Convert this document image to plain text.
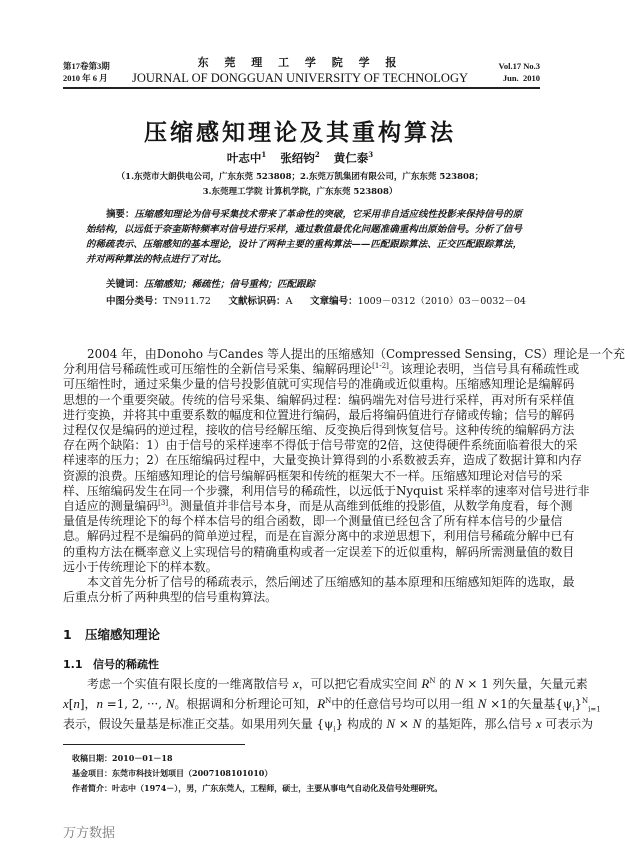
第17卷第3期
2010 年 6 月
东 莞 理 工 学 院 学 报
JOURNAL OF DONGGUAN UNIVERSITY OF TECHNOLOGY
Vol.17 No.3
Jun.  2010
压缩感知理论及其重构算法
叶志中$^1$ 张绍钧$^2$ 黄仁泰$^3$
（1.东莞市大朗供电公司，广东东莞 523808；2.东莞万凯集团有限公司，广东东莞 523808；
3.东莞理工学院 计算机学院，广东东莞 523808）
摘要：压缩感知理论为信号采集技术带来了革命性的突破，它采用非自适应线性投影来保持信号的原
始结构，以远低于奈奎斯特频率对信号进行采样，通过数值最优化问题准确重构出原始信号。分析了信号
的稀疏表示、压缩感知的基本理论，设计了两种主要的重构算法——匹配跟踪算法、正交匹配跟踪算法，
并对两种算法的特点进行了对比。
关键词：压缩感知；稀疏性；信号重构；匹配跟踪
中图分类号：TN911.72 文献标识码：A 文章编号：1009－0312（2010）03－0032－04
2004 年，由Donoho 与Candes 等人提出的压缩感知（Compressed Sensing，CS）理论是一个充
分利用信号稀疏性或可压缩性的全新信号采集、编解码理论[1-2]。该理论表明，当信号具有稀疏性或
可压缩性时，通过采集少量的信号投影值就可实现信号的准确或近似重构。压缩感知理论是编解码
思想的一个重要突破。传统的信号采集、编解码过程：编码端先对信号进行采样，再对所有采样值
进行变换，并将其中重要系数的幅度和位置进行编码，最后将编码值进行存储或传输；信号的解码
过程仅仅是编码的逆过程，接收的信号经解压缩、反变换后得到恢复信号。这种传统的编解码方法
存在两个缺陷：1）由于信号的采样速率不得低于信号带宽的2倍，这使得硬件系统面临着很大的采
样速率的压力；2）在压缩编码过程中，大量变换计算得到的小系数被丢弃，造成了数据计算和内存
资源的浪费。压缩感知理论的信号编解码框架和传统的框架大不一样。压缩感知理论对信号的采
样、压缩编码发生在同一个步骤，利用信号的稀疏性，以远低于Nyquist 采样率的速率对信号进行非
自适应的测量编码[3]。测量值并非信号本身，而是从高维到低维的投影值，从数学角度看，每个测
量值是传统理论下的每个样本信号的组合函数，即一个测量值已经包含了所有样本信号的少量信
息。解码过程不是编码的简单逆过程，而是在盲源分离中的求逆思想下，利用信号稀疏分解中已有
的重构方法在概率意义上实现信号的精确重构或者一定误差下的近似重构，解码所需测量值的数目
远小于传统理论下的样本数。
本文首先分析了信号的稀疏表示，然后阐述了压缩感知的基本原理和压缩感知矩阵的选取，最
后重点分析了两种典型的信号重构算法。
1 压缩感知理论
1.1 信号的稀疏性
考虑一个实值有限长度的一维离散信号 x，可以把它看成实空间 $R^N$ 的 N × 1 列矢量，矢量元素
x[n]，n =1, 2, ···, N。根据调和分析理论可知，$R^N$中的任意信号均可以用一组 N ×1的矢量基$\{\psi_i\}^N_{i=1}$
表示，假设矢量基是标准正交基。如果用列矢量 $\{\psi_i\}$ 构成的 N × N 的基矩阵，那么信号 x 可表示为
收稿日期：2010－01－18
基金项目：东莞市科技计划项目（2007108101010）
作者简介：叶志中（1974－），男，广东东莞人，工程师，硕士，主要从事电气自动化及信号处理研究。
万方数据
